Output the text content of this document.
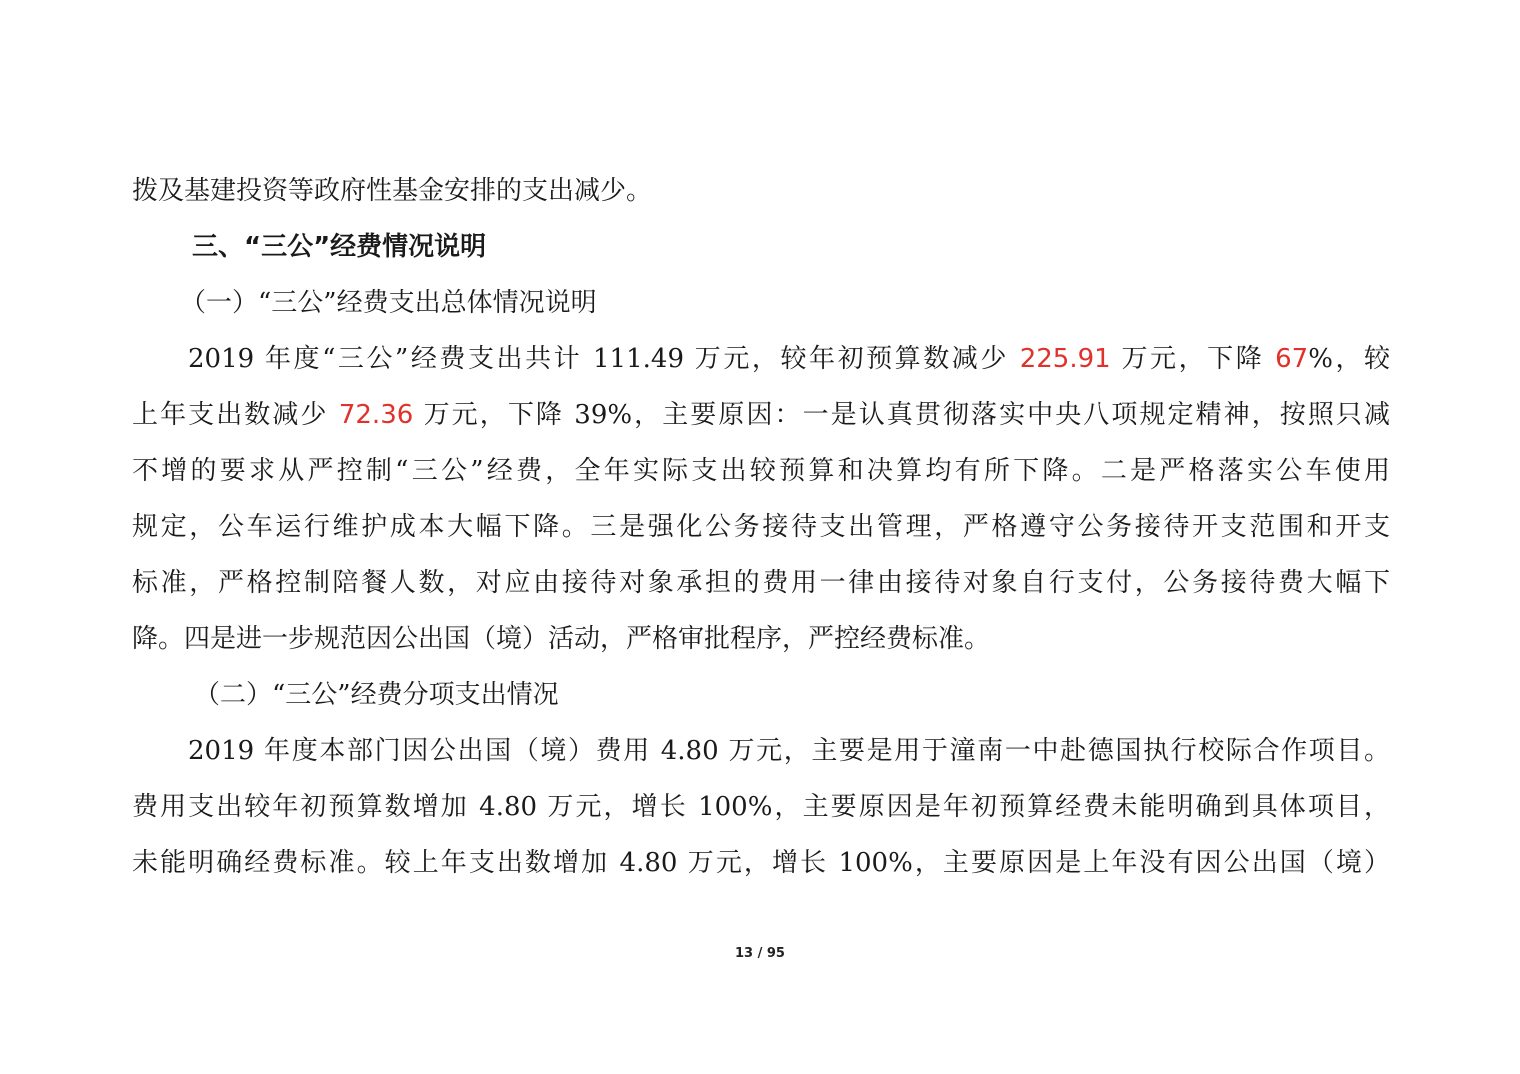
拨及基建投资等政府性基金安排的支出减少。
三、“三公”经费情况说明
（一）“三公”经费支出总体情况说明
2019 年度“三公”经费支出共计 111.49 万元，较年初预算数减少 225.91 万元，下降 67%，较
上年支出数减少 72.36 万元，下降 39%，主要原因：一是认真贯彻落实中央八项规定精神，按照只减
不增的要求从严控制“三公”经费，全年实际支出较预算和决算均有所下降。二是严格落实公车使用
规定，公车运行维护成本大幅下降。三是强化公务接待支出管理，严格遵守公务接待开支范围和开支
标准，严格控制陪餐人数，对应由接待对象承担的费用一律由接待对象自行支付，公务接待费大幅下
降。四是进一步规范因公出国（境）活动，严格审批程序，严控经费标准。
（二）“三公”经费分项支出情况
2019 年度本部门因公出国（境）费用 4.80 万元，主要是用于潼南一中赴德国执行校际合作项目。
费用支出较年初预算数增加 4.80 万元，增长 100%，主要原因是年初预算经费未能明确到具体项目，
未能明确经费标准。较上年支出数增加 4.80 万元，增长 100%，主要原因是上年没有因公出国（境）
13 / 95
